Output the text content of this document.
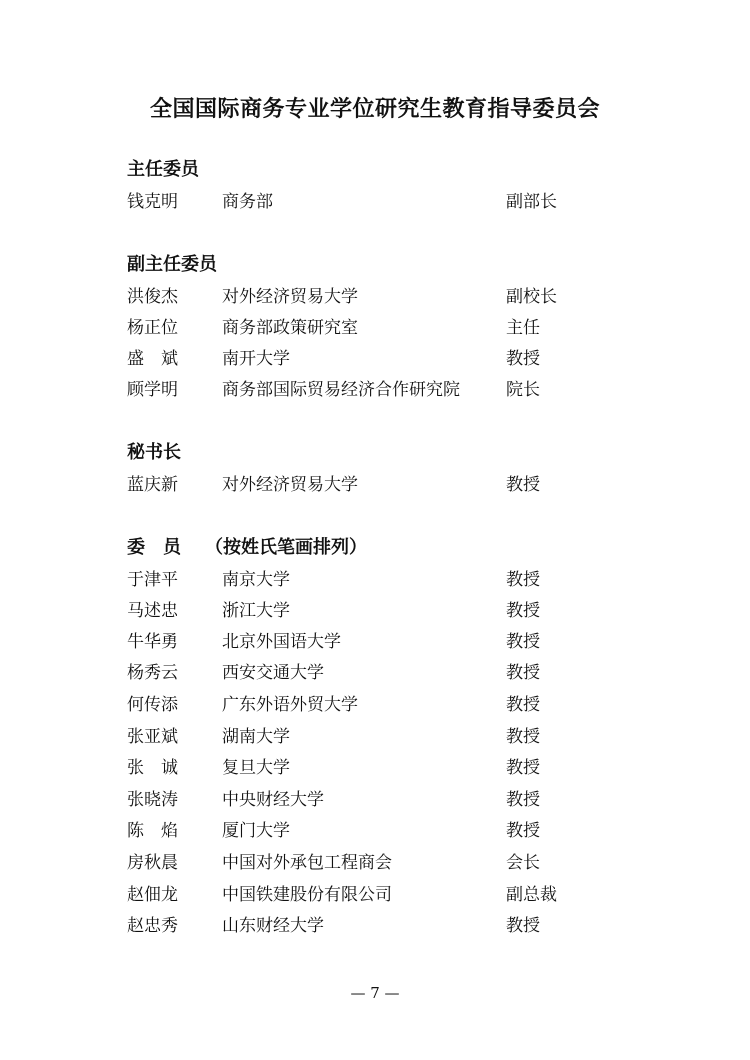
全国国际商务专业学位研究生教育指导委员会
主任委员
钱克明	商务部	副部长
副主任委员
洪俊杰	对外经济贸易大学	副校长
杨正位	商务部政策研究室	主任
盛　斌	南开大学	教授
顾学明	商务部国际贸易经济合作研究院	院长
秘书长
蓝庆新	对外经济贸易大学	教授
委　员 （按姓氏笔画排列）
于津平	南京大学	教授
马述忠	浙江大学	教授
牛华勇	北京外国语大学	教授
杨秀云	西安交通大学	教授
何传添	广东外语外贸大学	教授
张亚斌	湖南大学	教授
张　诚	复旦大学	教授
张晓涛	中央财经大学	教授
陈　焰	厦门大学	教授
房秋晨	中国对外承包工程商会	会长
赵佃龙	中国铁建股份有限公司	副总裁
赵忠秀	山东财经大学	教授
— 7 —
